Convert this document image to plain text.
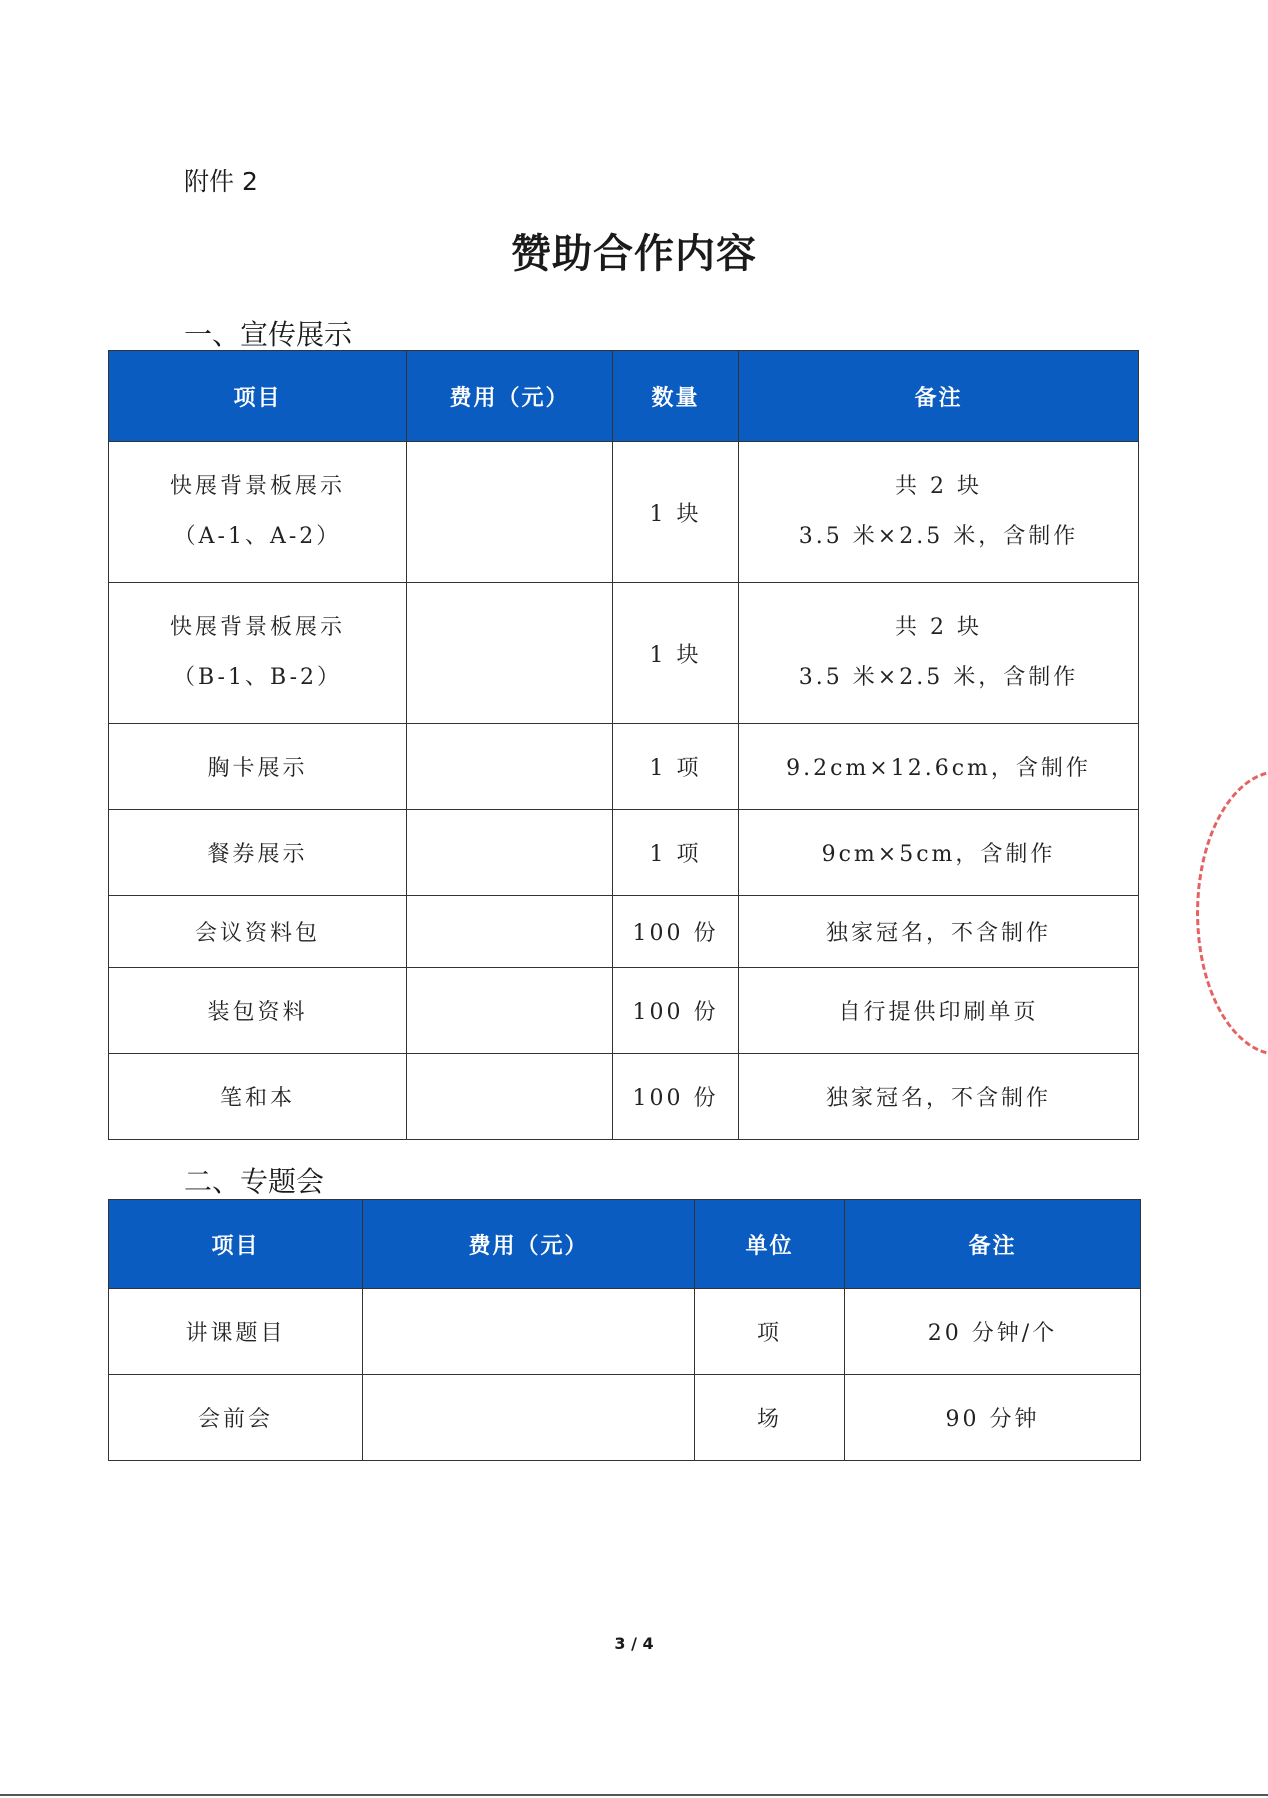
附件 2
赞助合作内容
一、宣传展示
项目	费用（元）	数量	备注

快展背景板展示
（A-1、A-2）		1 块	共 2 块
3.5 米×2.5 米，含制作

快展背景板展示
（B-1、B-2）		1 块	共 2 块
3.5 米×2.5 米，含制作

胸卡展示		1 项	9.2cm×12.6cm，含制作
餐券展示		1 项	9cm×5cm，含制作
会议资料包		100 份	独家冠名，不含制作
装包资料		100 份	自行提供印刷单页
笔和本		100 份	独家冠名，不含制作
二、专题会
项目	费用（元）	单位	备注
讲课题目		项	20 分钟/个
会前会		场	90 分钟
3 / 4
